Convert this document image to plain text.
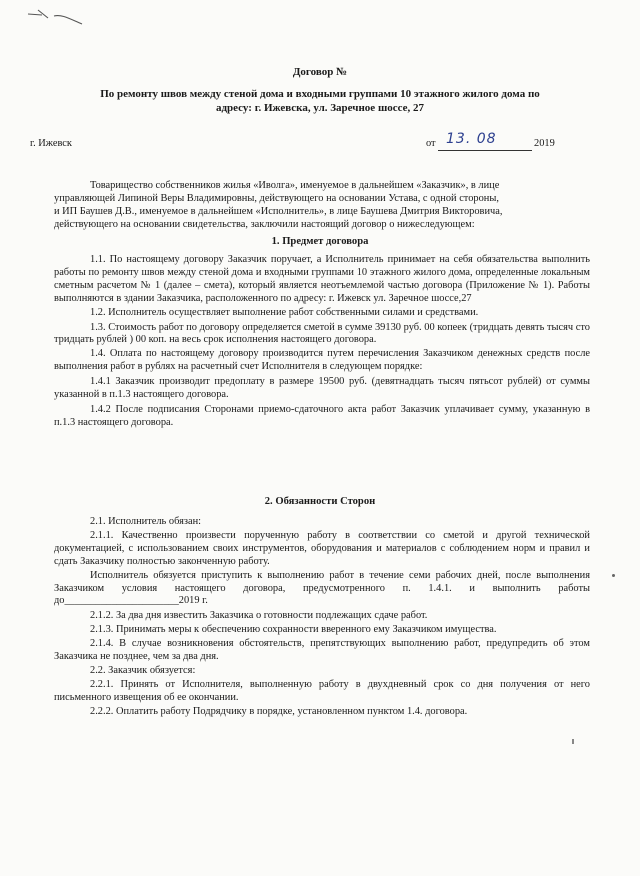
Договор №
По ремонту швов между стеной дома и входными группами 10 этажного жилого дома по
адресу: г. Ижевска, ул. Заречное шоссе, 27
г. Ижевск	от 13. 08	2019
Товарищество собственников жилья «Иволга», именуемое в дальнейшем «Заказчик», в лице
управляющей Липиной Веры Владимировны, действующего на основании Устава, с одной стороны,
и ИП Баушев Д.В., именуемое в дальнейшем «Исполнитель», в лице Баушева Дмитрия Викторовича,
действующего на основании свидетельства, заключили настоящий договор о нижеследующем:
1. Предмет договора

1.1. По настоящему договору Заказчик поручает, а Исполнитель принимает на себя обязательства выполнить работы по ремонту швов между стеной дома и входными группами 10 этажного жилого дома, определенные локальным сметным расчетом № 1 (далее – смета), который является неотъемлемой частью договора (Приложение № 1). Работы выполняются в здании Заказчика, расположенного по адресу: г. Ижевск ул. Заречное шоссе,27

1.2. Исполнитель осуществляет выполнение работ собственными силами и средствами.

1.3. Стоимость работ по договору определяется сметой в сумме 39130 руб. 00 копеек (тридцать девять тысяч сто тридцать рублей ) 00 коп. на весь срок исполнения настоящего договора.

1.4. Оплата по настоящему договору производится путем перечисления Заказчиком денежных средств после выполнения работ в рублях на расчетный счет Исполнителя в следующем порядке:

1.4.1 Заказчик производит предоплату в размере 19500 руб. (девятнадцать тысяч пятьсот рублей) от суммы указанной в п.1.3 настоящего договора.

1.4.2 После подписания Сторонами приемо-сдаточного акта работ Заказчик уплачивает сумму, указанную в п.1.3 настоящего договора.

2. Обязанности Сторон

2.1. Исполнитель обязан:

2.1.1. Качественно произвести порученную работу в соответствии со сметой и другой технической документацией, с использованием своих инструментов, оборудования и материалов с соблюдением норм и правил и сдать Заказчику полностью законченную работу.

Исполнитель обязуется приступить к выполнению работ в течение семи рабочих дней, после выполнения Заказчиком условия настоящего договора, предусмотренного п. 1.4.1. и выполнить работы до______________________2019 г.

2.1.2. За два дня известить Заказчика о готовности подлежащих сдаче работ.

2.1.3. Принимать меры к обеспечению сохранности вверенного ему Заказчиком имущества.

2.1.4. В случае возникновения обстоятельств, препятствующих выполнению работ, предупредить об этом Заказчика не позднее, чем за два дня.

2.2. Заказчик обязуется:

2.2.1. Принять от Исполнителя, выполненную работу в двухдневный срок со дня получения от него письменного извещения об ее окончании.

2.2.2. Оплатить работу Подрядчику в порядке, установленном пунктом 1.4. договора.
